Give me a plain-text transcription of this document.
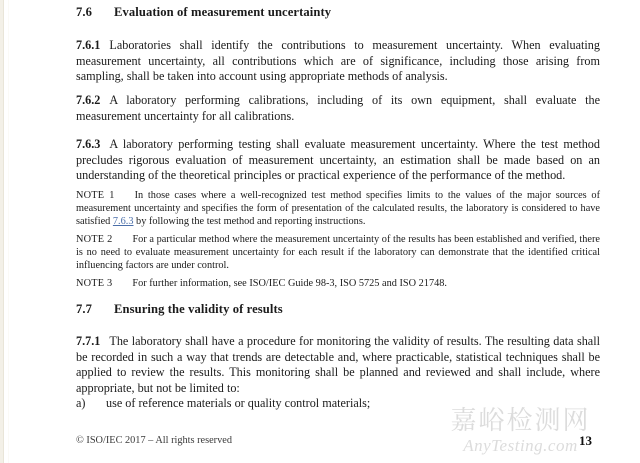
7.6 Evaluation of measurement uncertainty

7.6.1 Laboratories shall identify the contributions to measurement uncertainty. When evaluating measurement uncertainty, all contributions which are of significance, including those arising from sampling, shall be taken into account using appropriate methods of analysis.

7.6.2 A laboratory performing calibrations, including of its own equipment, shall evaluate the measurement uncertainty for all calibrations.

7.6.3 A laboratory performing testing shall evaluate measurement uncertainty. Where the test method precludes rigorous evaluation of measurement uncertainty, an estimation shall be made based on an understanding of the theoretical principles or practical experience of the performance of the method.

NOTE 1 In those cases where a well-recognized test method specifies limits to the values of the major sources of measurement uncertainty and specifies the form of presentation of the calculated results, the laboratory is considered to have satisfied 7.6.3 by following the test method and reporting instructions.

NOTE 2 For a particular method where the measurement uncertainty of the results has been established and verified, there is no need to evaluate measurement uncertainty for each result if the laboratory can demonstrate that the identified critical influencing factors are under control.

NOTE 3 For further information, see ISO/IEC Guide 98-3, ISO 5725 and ISO 21748.

7.7 Ensuring the validity of results

7.7.1 The laboratory shall have a procedure for monitoring the validity of results. The resulting data shall be recorded in such a way that trends are detectable and, where practicable, statistical techniques shall be applied to review the results. This monitoring shall be planned and reviewed and shall include, where appropriate, but not be limited to:

a)	use of reference materials or quality control materials;

嘉峪检测网
AnyTesting.com
© ISO/IEC 2017 – All rights reserved	13
